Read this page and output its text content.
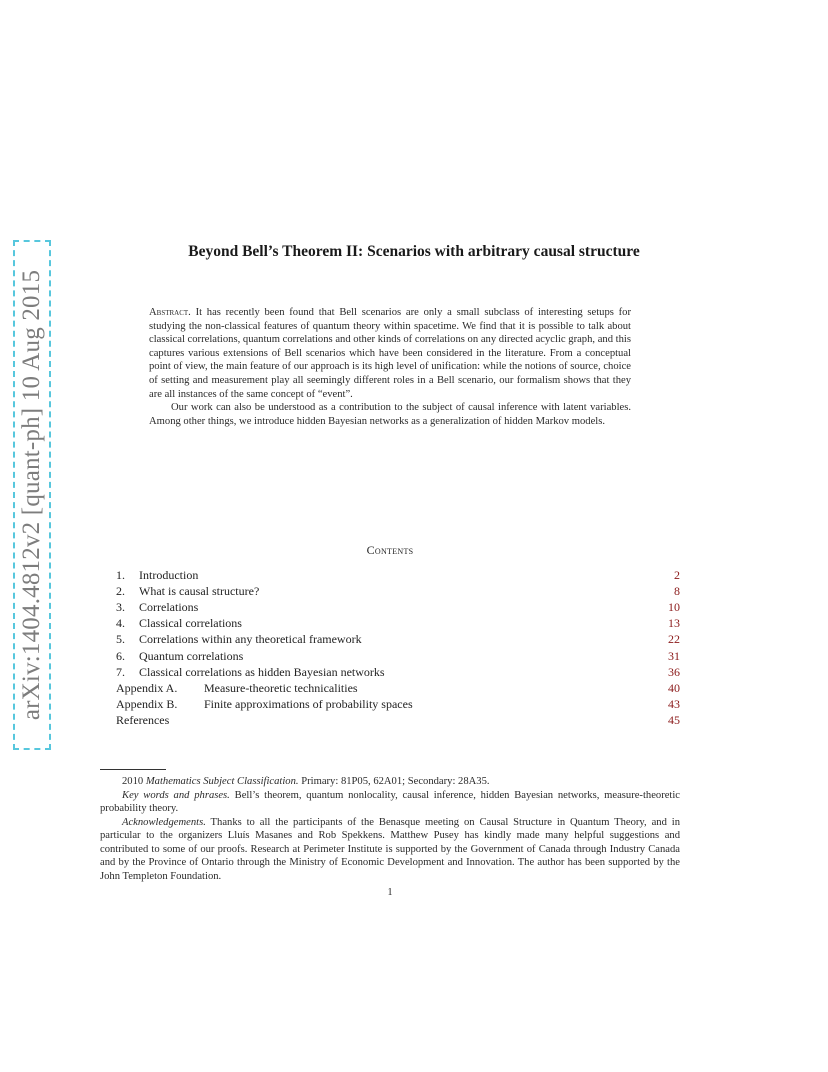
arXiv:1404.4812v2 [quant-ph] 10 Aug 2015
Beyond Bell’s Theorem II: Scenarios with arbitrary causal structure

Abstract. It has recently been found that Bell scenarios are only a small subclass of interesting setups for studying the non-classical features of quantum theory within spacetime. We find that it is possible to talk about classical correlations, quantum correlations and other kinds of correlations on any directed acyclic graph, and this captures various extensions of Bell scenarios which have been considered in the literature. From a conceptual point of view, the main feature of our approach is its high level of unification: while the notions of source, choice of setting and measurement play all seemingly different roles in a Bell scenario, our formalism shows that they are all instances of the same concept of “event”.

Our work can also be understood as a contribution to the subject of causal inference with latent variables. Among other things, we introduce hidden Bayesian networks as a generalization of hidden Markov models.

Contents
1. Introduction	2
2. What is causal structure?	8
3. Correlations	10
4. Classical correlations	13
5. Correlations within any theoretical framework	22
6. Quantum correlations	31
7. Classical correlations as hidden Bayesian networks	36
Appendix A. Measure-theoretic technicalities	40
Appendix B. Finite approximations of probability spaces	43
References	45

2010 Mathematics Subject Classification. Primary: 81P05, 62A01; Secondary: 28A35.

Key words and phrases. Bell’s theorem, quantum nonlocality, causal inference, hidden Bayesian networks, measure-theoretic probability theory.

Acknowledgements. Thanks to all the participants of the Benasque meeting on Causal Structure in Quantum Theory, and in particular to the organizers Lluís Masanes and Rob Spekkens. Matthew Pusey has kindly made many helpful suggestions and contributed to some of our proofs. Research at Perimeter Institute is supported by the Government of Canada through Industry Canada and by the Province of Ontario through the Ministry of Economic Development and Innovation. The author has been supported by the John Templeton Foundation.

1
